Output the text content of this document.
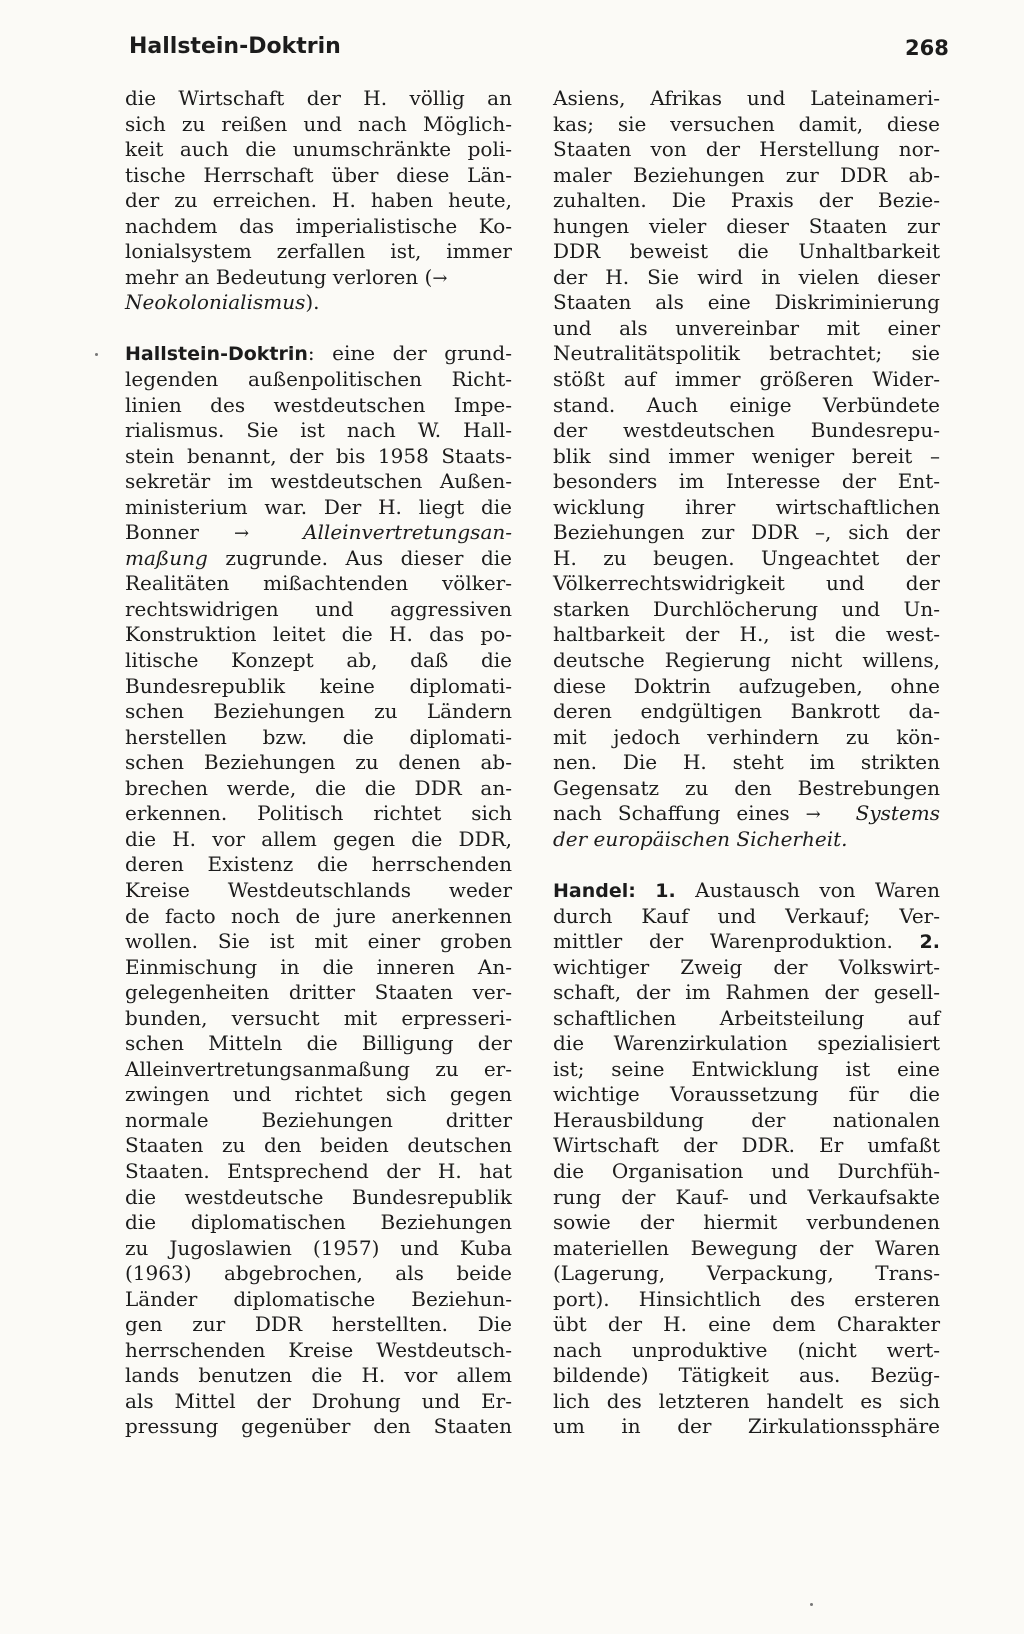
Hallstein-Doktrin	268
die Wirtschaft der H. völlig an
sich zu reißen und nach Möglich-
keit auch die unumschränkte poli-
tische Herrschaft über diese Län-
der zu erreichen. H. haben heute,
nachdem das imperialistische Ko-
lonialsystem zerfallen ist, immer
mehr an Bedeutung verloren (→
Neokolonialismus).
Hallstein-Doktrin: eine der grund-
legenden außenpolitischen Richt-
linien des westdeutschen Impe-
rialismus. Sie ist nach W. Hall-
stein benannt, der bis 1958 Staats-
sekretär im westdeutschen Außen-
ministerium war. Der H. liegt die
Bonner →	Alleinvertretungsan-
maßung zugrunde. Aus dieser die
Realitäten mißachtenden völker-
rechtswidrigen und aggressiven
Konstruktion leitet die H. das po-
litische Konzept ab, daß die
Bundesrepublik keine diplomati-
schen Beziehungen zu Ländern
herstellen bzw. die diplomati-
schen Beziehungen zu denen ab-
brechen werde, die die DDR an-
erkennen. Politisch richtet sich
die H. vor allem gegen die DDR,
deren Existenz die herrschenden
Kreise Westdeutschlands weder
de facto noch de jure anerkennen
wollen. Sie ist mit einer groben
Einmischung in die inneren An-
gelegenheiten dritter Staaten ver-
bunden, versucht mit erpresseri-
schen Mitteln die Billigung der
Alleinvertretungsanmaßung zu er-
zwingen und richtet sich gegen
normale Beziehungen dritter
Staaten zu den beiden deutschen
Staaten. Entsprechend der H. hat
die westdeutsche Bundesrepublik
die diplomatischen Beziehungen
zu Jugoslawien (1957) und Kuba
(1963) abgebrochen, als beide
Länder diplomatische Beziehun-
gen zur DDR herstellten. Die
herrschenden Kreise Westdeutsch-
lands benutzen die H. vor allem
als Mittel der Drohung und Er-
pressung gegenüber den Staaten
Asiens, Afrikas und Lateinameri-
kas; sie versuchen damit, diese
Staaten von der Herstellung nor-
maler Beziehungen zur DDR ab-
zuhalten. Die Praxis der Bezie-
hungen vieler dieser Staaten zur
DDR beweist die Unhaltbarkeit
der H. Sie wird in vielen dieser
Staaten als eine Diskriminierung
und als unvereinbar mit einer
Neutralitätspolitik betrachtet; sie
stößt auf immer größeren Wider-
stand. Auch einige Verbündete
der westdeutschen Bundesrepu-
blik sind immer weniger bereit –
besonders im Interesse der Ent-
wicklung ihrer wirtschaftlichen
Beziehungen zur DDR –, sich der
H. zu beugen. Ungeachtet der
Völkerrechtswidrigkeit und der
starken Durchlöcherung und Un-
haltbarkeit der H., ist die west-
deutsche Regierung nicht willens,
diese Doktrin aufzugeben, ohne
deren endgültigen Bankrott da-
mit jedoch verhindern zu kön-
nen. Die H. steht im strikten
Gegensatz zu den Bestrebungen
nach Schaffung eines →	Systems
der europäischen Sicherheit.
Handel: 1. Austausch von Waren
durch Kauf und Verkauf; Ver-
mittler der Warenproduktion. 2.
wichtiger Zweig der Volkswirt-
schaft, der im Rahmen der gesell-
schaftlichen Arbeitsteilung auf
die Warenzirkulation spezialisiert
ist; seine Entwicklung ist eine
wichtige Voraussetzung für die
Herausbildung der nationalen
Wirtschaft der DDR. Er umfaßt
die Organisation und Durchfüh-
rung der Kauf- und Verkaufsakte
sowie der hiermit verbundenen
materiellen Bewegung der Waren
(Lagerung, Verpackung, Trans-
port). Hinsichtlich des ersteren
übt der H. eine dem Charakter
nach unproduktive (nicht wert-
bildende) Tätigkeit aus. Bezüg-
lich des letzteren handelt es sich
um in der Zirkulationssphäre
